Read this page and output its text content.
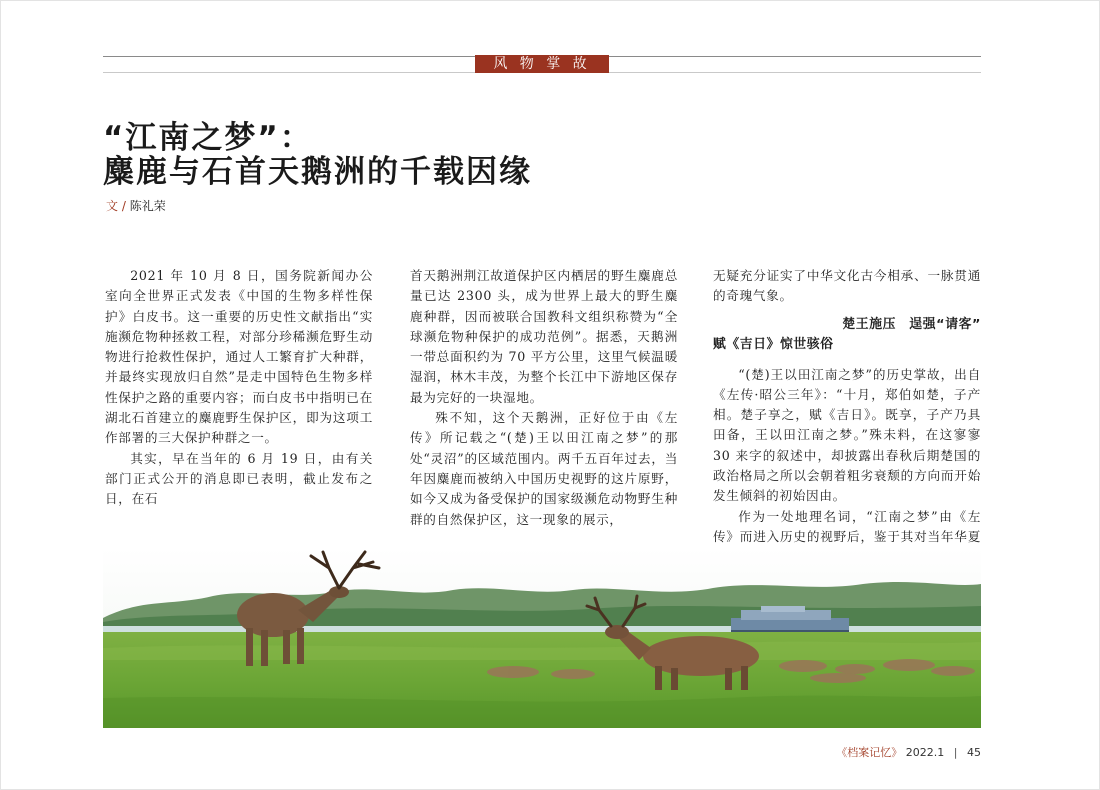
风 物 掌 故
“江南之梦”：
麋鹿与石首天鹅洲的千载因缘
文 / 陈礼荣

2021 年 10 月 8 日，国务院新闻办公室向全世界正式发表《中国的生物多样性保护》白皮书。这一重要的历史性文献指出“实施濒危物种拯救工程，对部分珍稀濒危野生动物进行抢救性保护，通过人工繁育扩大种群，并最终实现放归自然”是走中国特色生物多样性保护之路的重要内容；而白皮书中指明已在湖北石首建立的麋鹿野生保护区，即为这项工作部署的三大保护种群之一。

其实，早在当年的 6 月 19 日，由有关部门正式公开的消息即已表明，截止发布之日，在石

首天鹅洲荆江故道保护区内栖居的野生麋鹿总量已达 2300 头，成为世界上最大的野生麋鹿种群，因而被联合国教科文组织称赞为“全球濒危物种保护的成功范例”。据悉，天鹅洲一带总面积约为 70 平方公里，这里气候温暖湿润，林木丰茂，为整个长江中下游地区保存最为完好的一块湿地。

殊不知，这个天鹅洲，正好位于由《左传》所记载之“(楚)王以田江南之梦”的那处“灵沼”的区域范围内。两千五百年过去，当年因麋鹿而被纳入中国历史视野的这片原野，如今又成为备受保护的国家级濒危动物野生种群的自然保护区，这一现象的展示，

无疑充分证实了中华文化古今相承、一脉贯通的奇瑰气象。

楚王施压　逞强“请客”
赋《吉日》惊世骇俗

“(楚)王以田江南之梦”的历史掌故，出自《左传·昭公三年》：“十月，郑伯如楚，子产相。楚子享之，赋《吉日》。既享，子产乃具田备，王以田江南之梦。”殊未料，在这寥寥 30 来字的叙述中，却披露出春秋后期楚国的政治格局之所以会朝着粗劣衰颓的方向而开始发生倾斜的初始因由。

作为一处地理名词，“江南之梦”由《左传》而进入历史的视野后，鉴于其对当年华夏

《档案记忆》 2022.1 | 45
